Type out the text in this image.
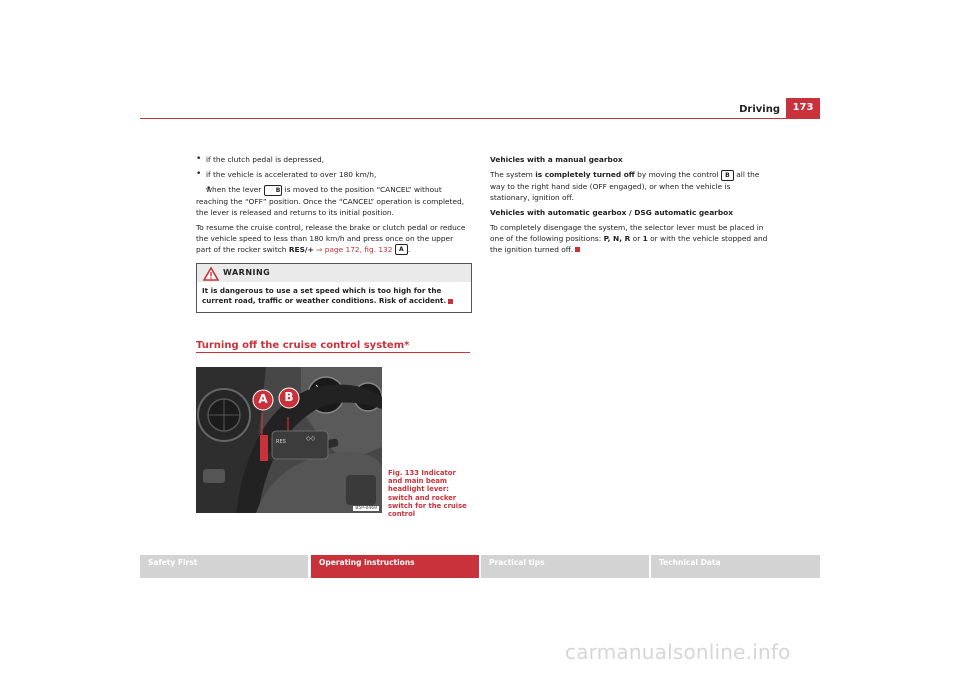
Driving	173

• if the clutch pedal is depressed,

• if the vehicle is accelerated to over 180 km/h,

• when the lever B is moved to the position “CANCEL” without reaching the “OFF” position. Once the “CANCEL” operation is completed, the lever is released and returns to its initial position.

To resume the cruise control, release the brake or clutch pedal or reduce the vehicle speed to less than 180 km/h and press once on the upper part of the rocker switch RES/+ ⇒ page 172, fig. 132 A .

WARNING
It is dangerous to use a set speed which is too high for the current road, traffic or weather conditions. Risk of accident.
Turning off the cruise control system*
RES	◇◇
A	B
B5P-0469
Fig. 133 Indicator and main beam headlight lever: switch and rocker switch for the cruise control

Vehicles with a manual gearbox

The system is completely turned off by moving the control B all the way to the right hand side (OFF engaged), or when the vehicle is stationary, ignition off.

Vehicles with automatic gearbox / DSG automatic gearbox

To completely disengage the system, the selector lever must be placed in one of the following positions: P, N, R or 1 or with the vehicle stopped and the ignition turned off.

Safety First	Operating instructions	Practical tips	Technical Data
carmanualsonline.info
